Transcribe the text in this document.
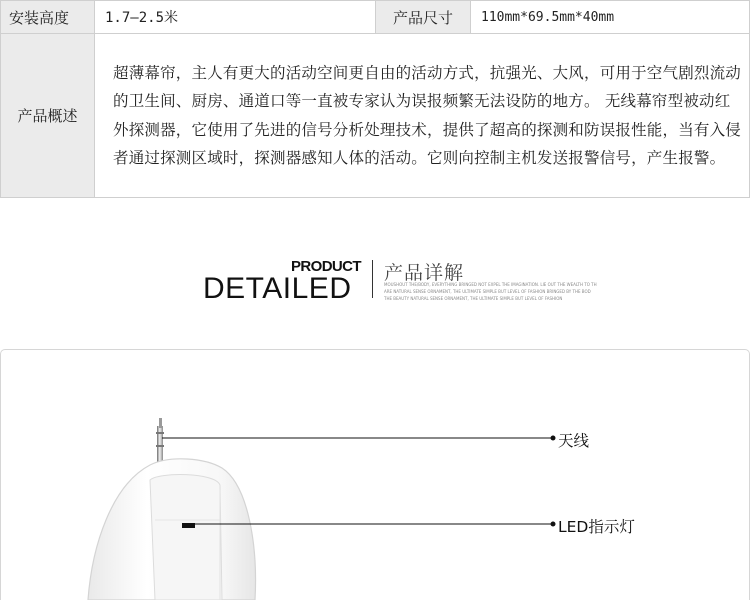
安装高度	1.7—2.5米	产品尺寸	110mm*69.5mm*40mm
产品概述	超薄幕帘，主人有更大的活动空间更自由的活动方式，抗强光、大风，可用于空气剧烈流动的卫生间、厨房、通道口等一直被专家认为误报频繁无法设防的地方。 无线幕帘型被动红外探测器，它使用了先进的信号分析处理技术，提供了超高的探测和防误报性能，当有入侵者通过探测区域时，探测器感知人体的活动。它则向控制主机发送报警信号，产生报警。		
PRODUCT
DETAILED 产品详解
MOUSHOUT THE/BODY, EVERYTHING BRINGED NOT EXPEL THE IMAGINATION. LIE OUT THE WEALTH TO TH
ARE NATURAL SENSE ORNAMENT, THE ULTIMATE SIMPLE BUT LEVEL OF FASHION BRINGED BY THE BOD
THE BEAUTY NATURAL SENSE ORNAMENT, THE ULTIMATE SIMPLE BUT LEVEL OF FASHION
天线
LED指示灯
